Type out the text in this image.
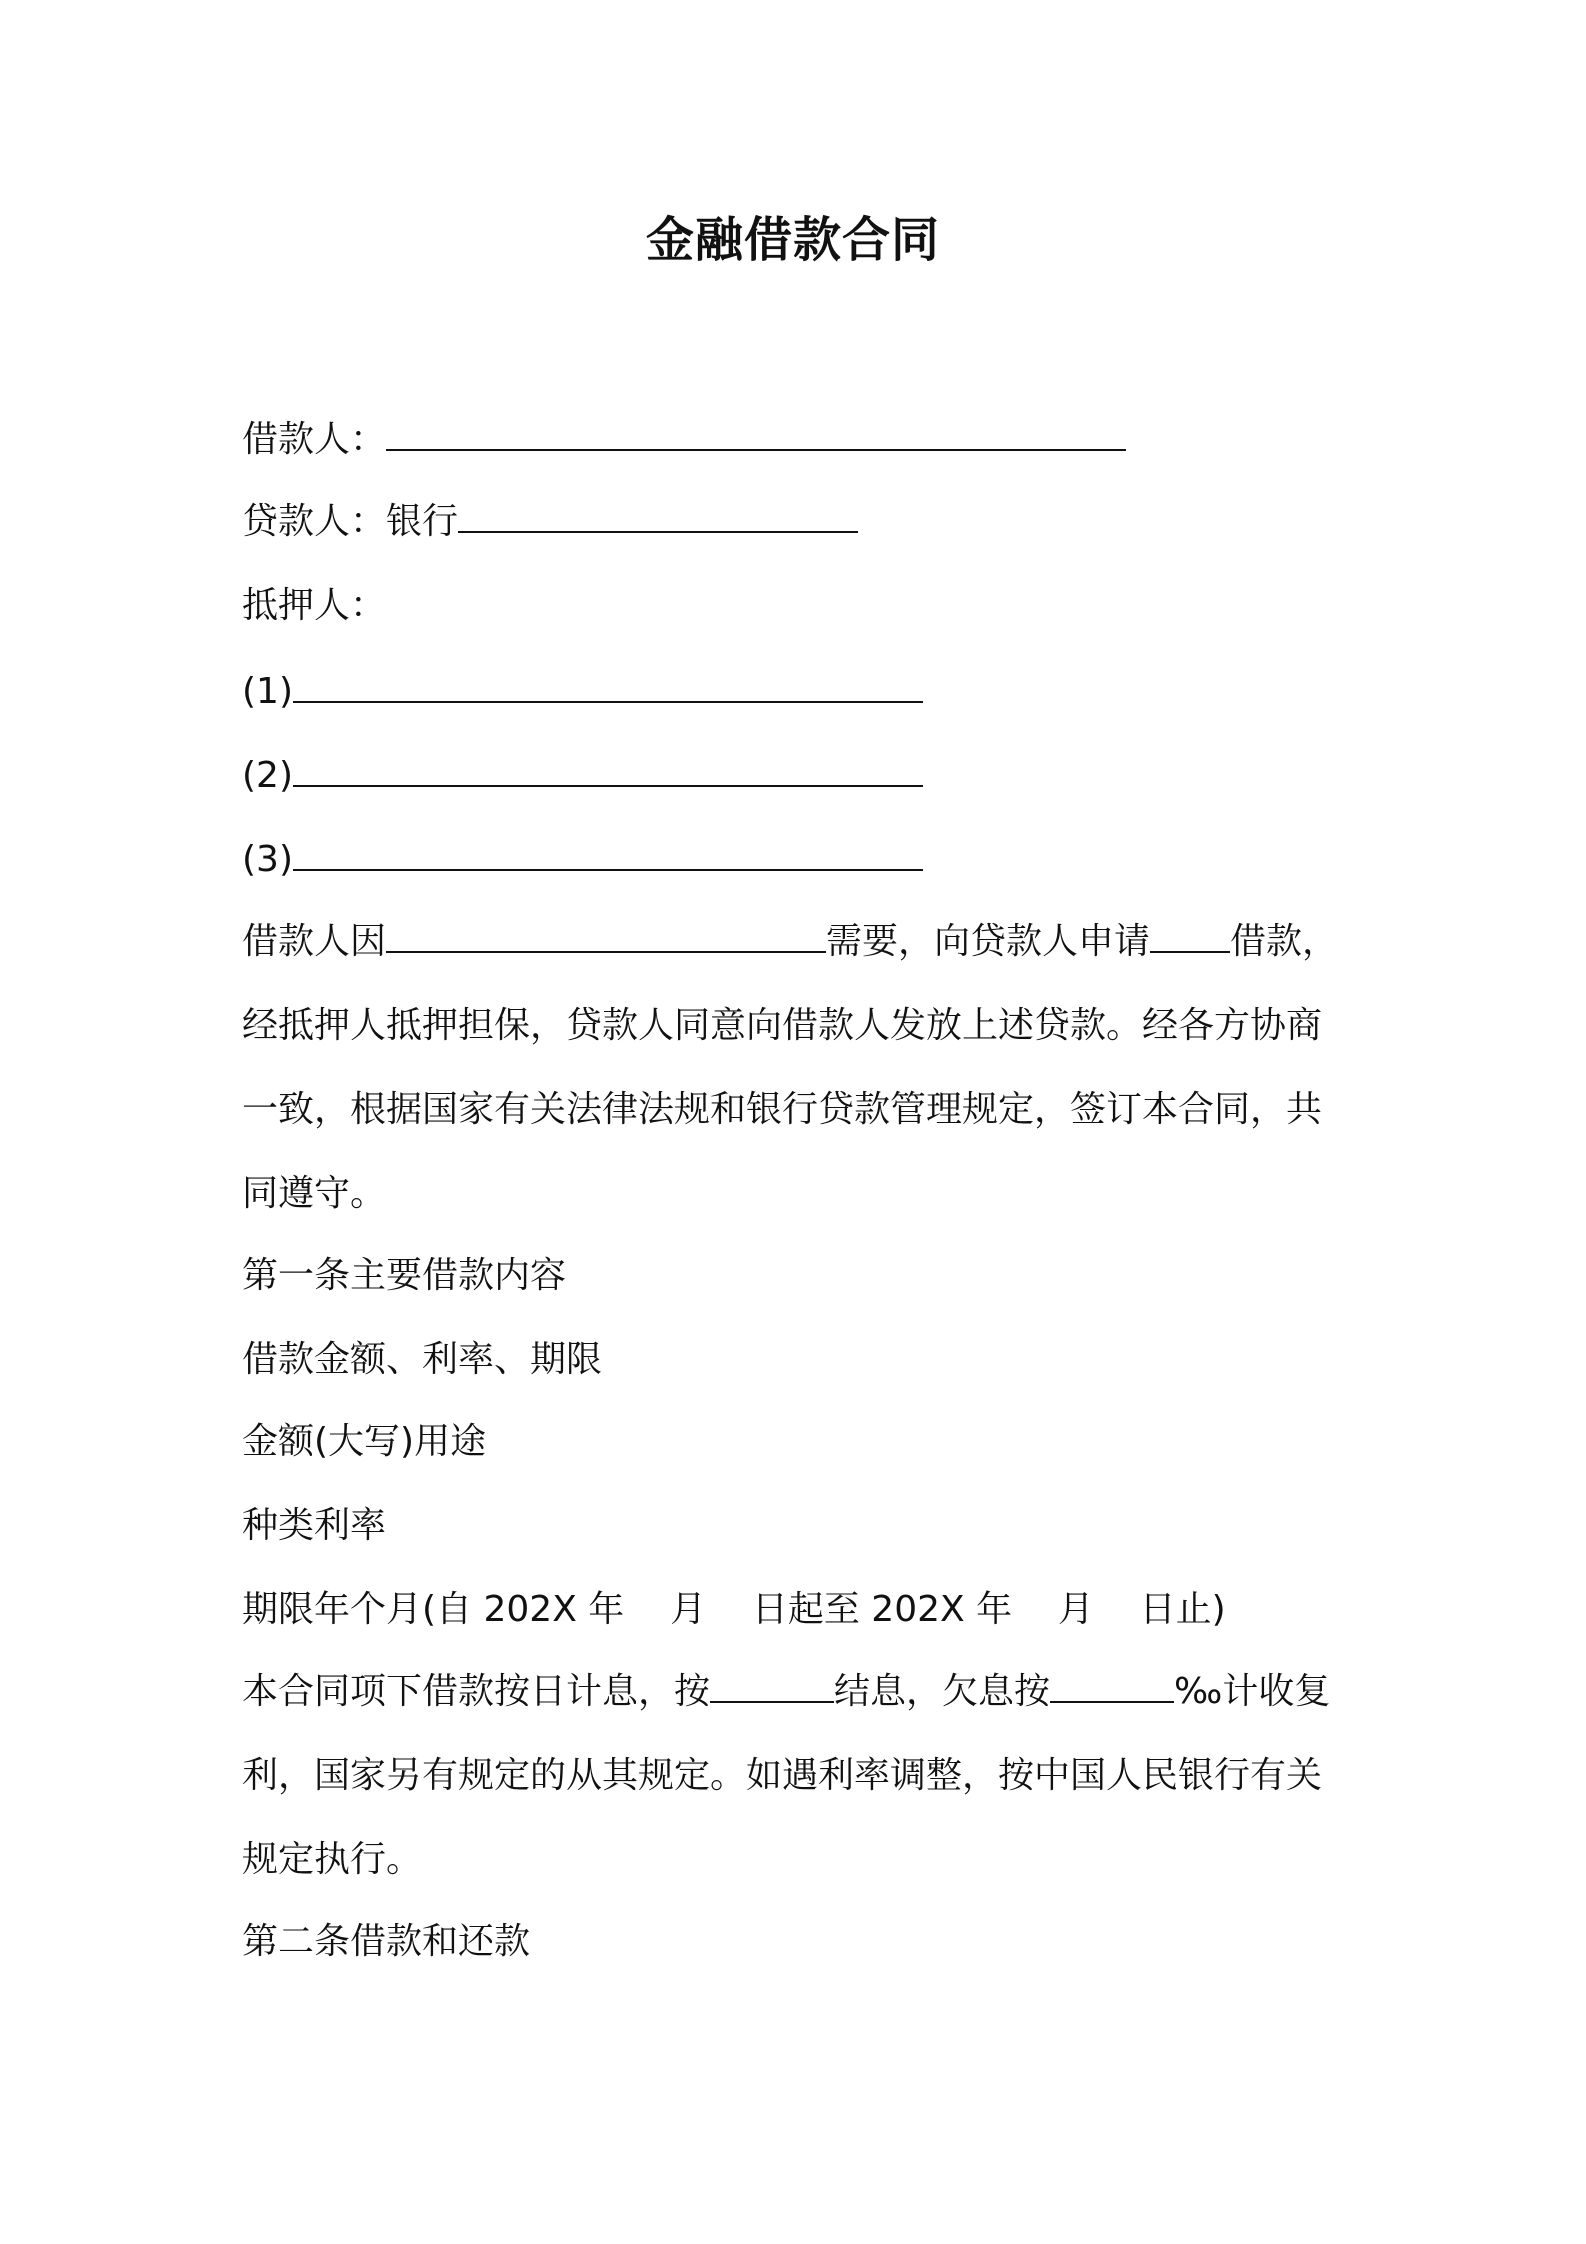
金融借款合同
借款人：
贷款人：银行
抵押人：
(1)
(2)
(3)
借款人因	需要，向贷款人申请 借款，
经抵押人抵押担保，贷款人同意向借款人发放上述贷款。经各方协商
一致，根据国家有关法律法规和银行贷款管理规定，签订本合同，共
同遵守。
第一条主要借款内容
借款金额、利率、期限
金额(大写)用途
种类利率
期限年个月(自 202X 年    月    日起至 202X 年    月    日止)
本合同项下借款按日计息，按	结息，欠息按	‰计收复
利，国家另有规定的从其规定。如遇利率调整，按中国人民银行有关
规定执行。
第二条借款和还款
